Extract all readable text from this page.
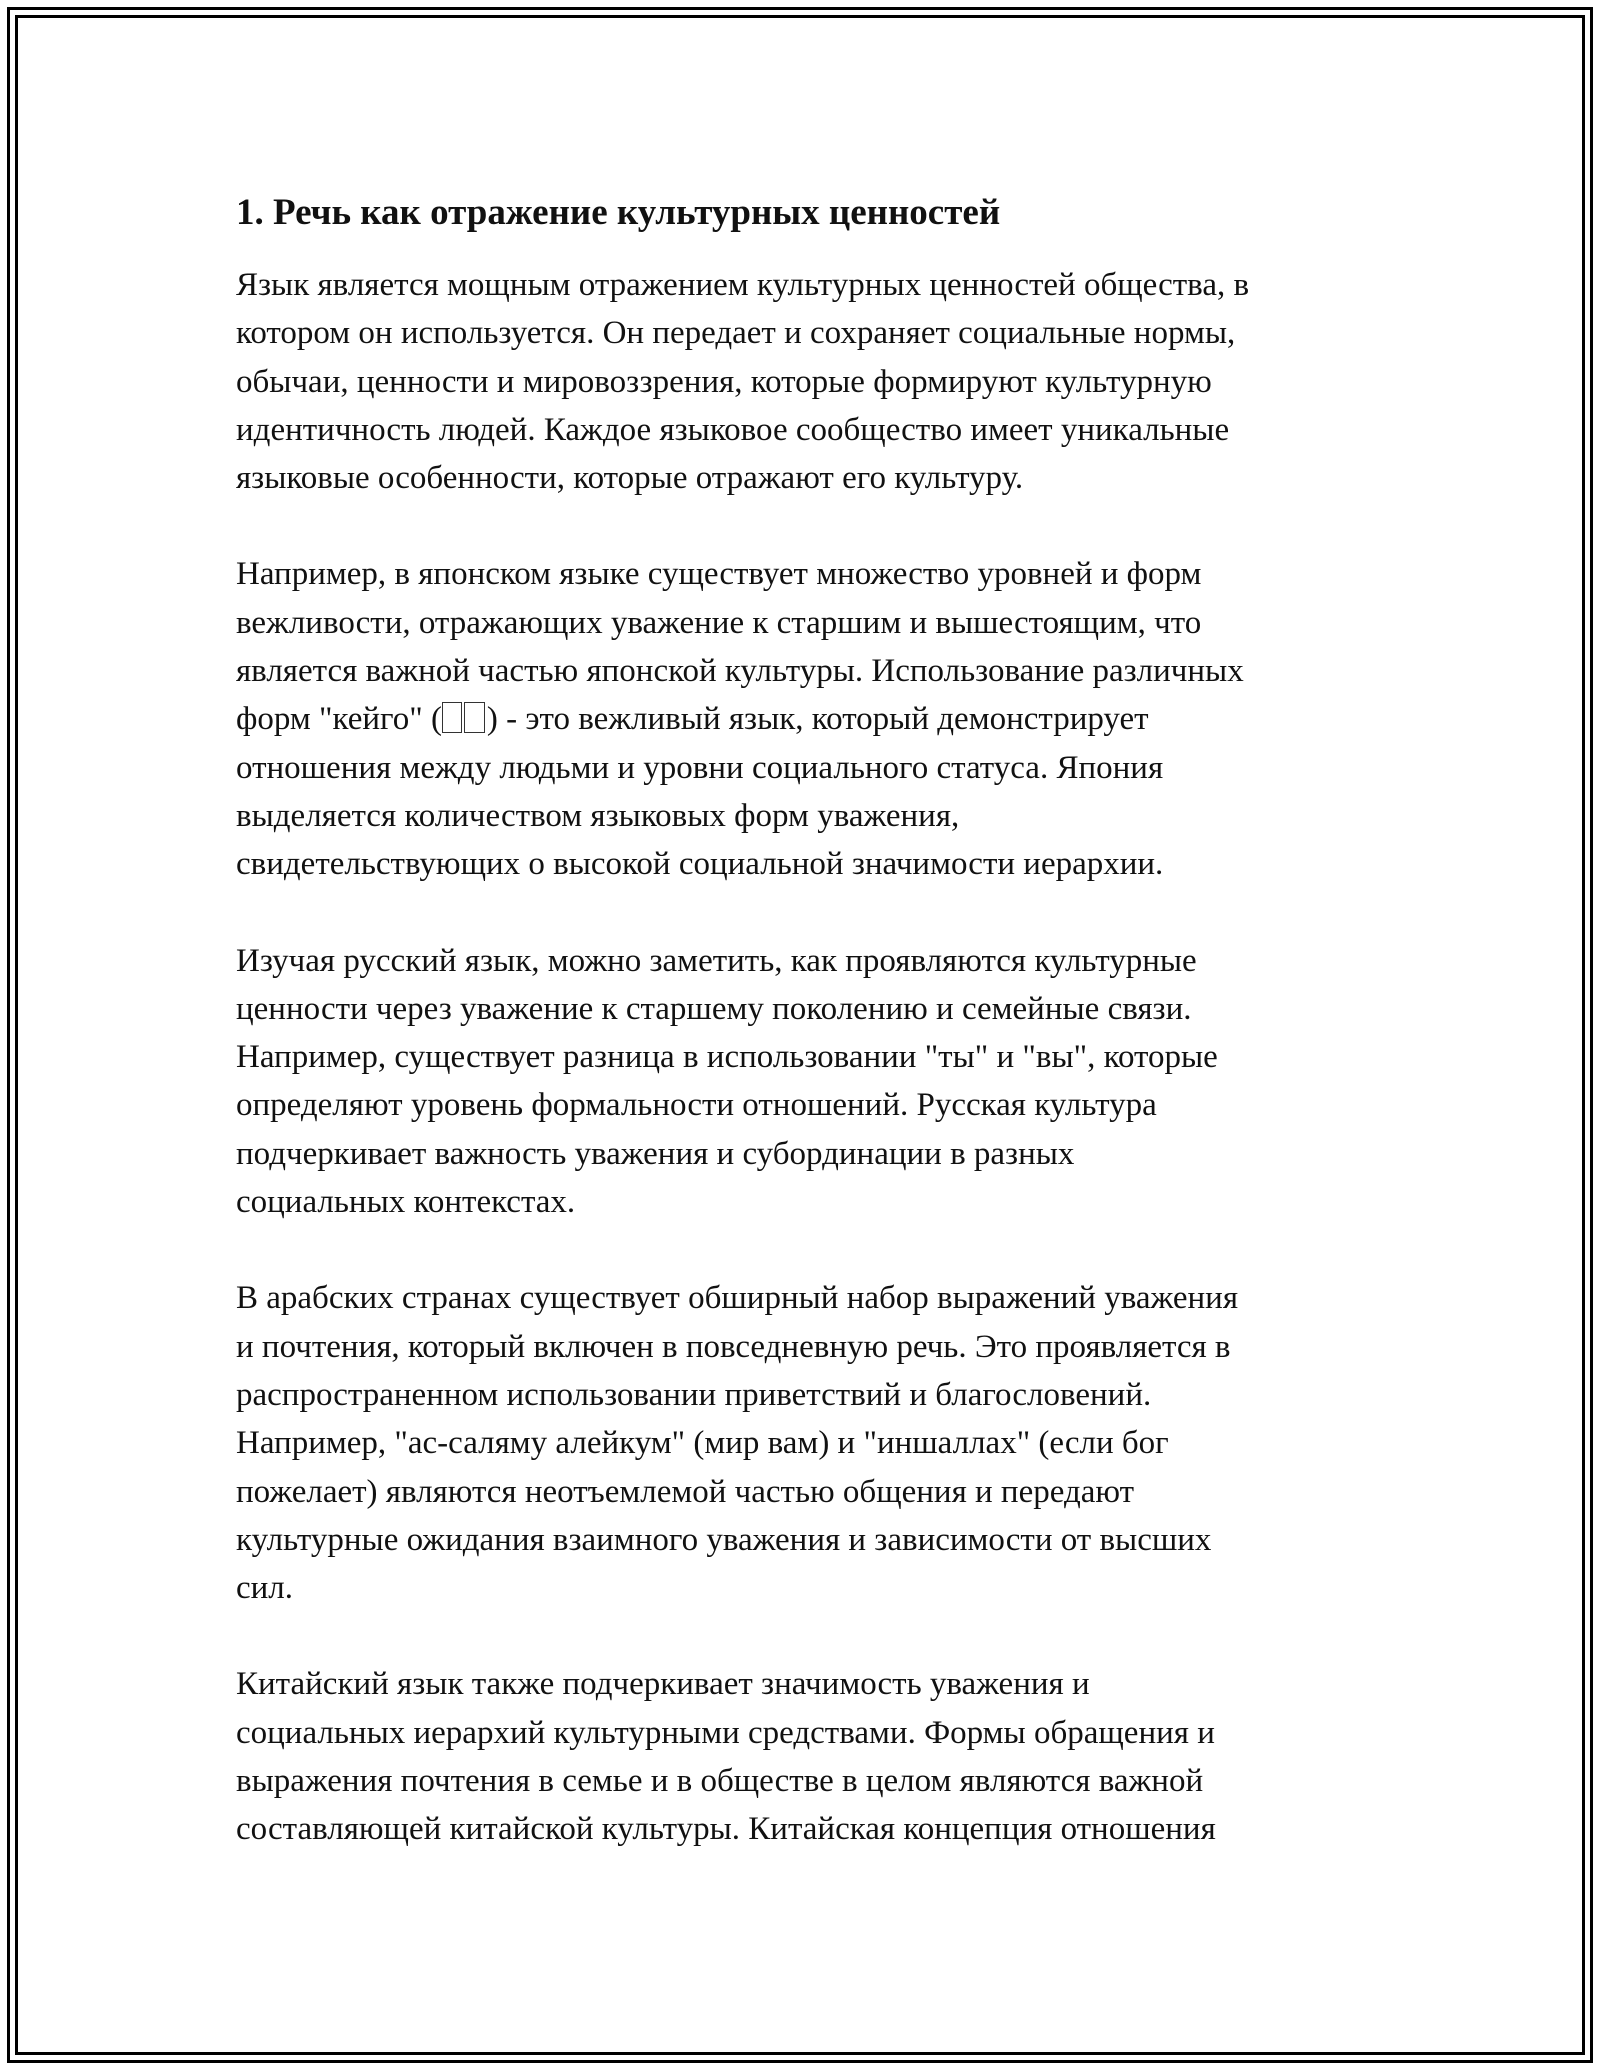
1. Речь как отражение культурных ценностей

Язык является мощным отражением культурных ценностей общества, в
котором он используется. Он передает и сохраняет социальные нормы,
обычаи, ценности и мировоззрения, которые формируют культурную
идентичность людей. Каждое языковое сообщество имеет уникальные
языковые особенности, которые отражают его культуру.

Например, в японском языке существует множество уровней и форм
вежливости, отражающих уважение к старшим и вышестоящим, что
является важной частью японской культуры. Использование различных
форм "кейго" ( ) - это вежливый язык, который демонстрирует
отношения между людьми и уровни социального статуса. Япония
выделяется количеством языковых форм уважения,
свидетельствующих о высокой социальной значимости иерархии.

Изучая русский язык, можно заметить, как проявляются культурные
ценности через уважение к старшему поколению и семейные связи.
Например, существует разница в использовании "ты" и "вы", которые
определяют уровень формальности отношений. Русская культура
подчеркивает важность уважения и субординации в разных
социальных контекстах.

В арабских странах существует обширный набор выражений уважения
и почтения, который включен в повседневную речь. Это проявляется в
распространенном использовании приветствий и благословений.
Например, "ас-саляму алейкум" (мир вам) и "иншаллах" (если бог
пожелает) являются неотъемлемой частью общения и передают
культурные ожидания взаимного уважения и зависимости от высших
сил.

Китайский язык также подчеркивает значимость уважения и
социальных иерархий культурными средствами. Формы обращения и
выражения почтения в семье и в обществе в целом являются важной
составляющей китайской культуры. Китайская концепция отношения
